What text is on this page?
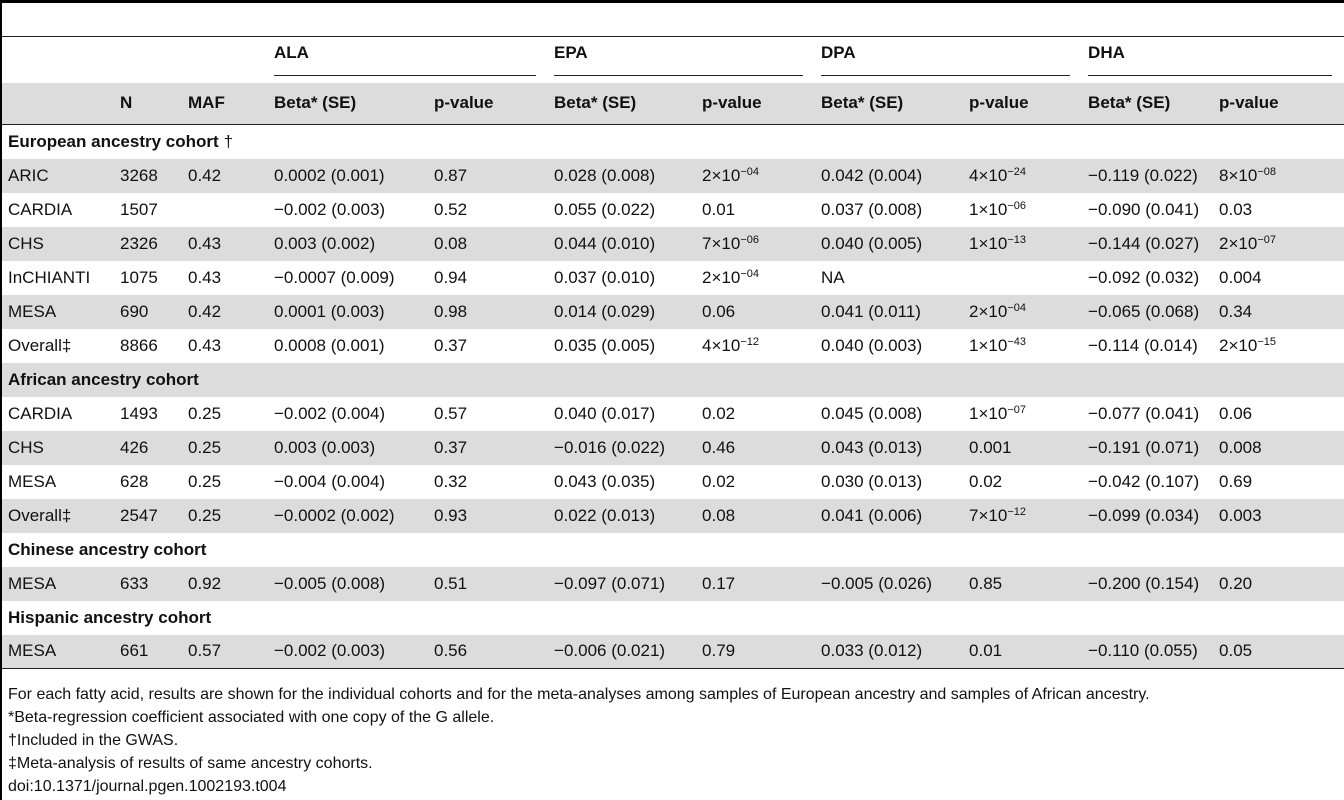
			ALA		EPA		DPA		DHA	

	N	MAF	Beta* (SE)	p-value	Beta* (SE)	p-value	Beta* (SE)	p-value	Beta* (SE)	p-value
European ancestry cohort †										
ARIC	3268	0.42	0.0002 (0.001)	0.87	0.028 (0.008)	$2\times 10^{-04}$	0.042 (0.004)	$4\times 10^{-24}$	−0.119 (0.022)	$8\times 10^{-08}$
CARDIA	1507		−0.002 (0.003)	0.52	0.055 (0.022)	0.01	0.037 (0.008)	$1\times 10^{-06}$	−0.090 (0.041)	0.03
CHS	2326	0.43	0.003 (0.002)	0.08	0.044 (0.010)	$7\times 10^{-06}$	0.040 (0.005)	$1\times 10^{-13}$	−0.144 (0.027)	$2\times 10^{-07}$
InCHIANTI	1075	0.43	−0.0007 (0.009)	0.94	0.037 (0.010)	$2\times 10^{-04}$	NA		−0.092 (0.032)	0.004
MESA	690	0.42	0.0001 (0.003)	0.98	0.014 (0.029)	0.06	0.041 (0.011)	$2\times 10^{-04}$	−0.065 (0.068)	0.34
Overall‡	8866	0.43	0.0008 (0.001)	0.37	0.035 (0.005)	$4\times 10^{-12}$	0.040 (0.003)	$1\times 10^{-43}$	−0.114 (0.014)	$2\times 10^{-15}$
African ancestry cohort										
CARDIA	1493	0.25	−0.002 (0.004)	0.57	0.040 (0.017)	0.02	0.045 (0.008)	$1\times 10^{-07}$	−0.077 (0.041)	0.06
CHS	426	0.25	0.003 (0.003)	0.37	−0.016 (0.022)	0.46	0.043 (0.013)	0.001	−0.191 (0.071)	0.008
MESA	628	0.25	−0.004 (0.004)	0.32	0.043 (0.035)	0.02	0.030 (0.013)	0.02	−0.042 (0.107)	0.69
Overall‡	2547	0.25	−0.0002 (0.002)	0.93	0.022 (0.013)	0.08	0.041 (0.006)	$7\times 10^{-12}$	−0.099 (0.034)	0.003
Chinese ancestry cohort										
MESA	633	0.92	−0.005 (0.008)	0.51	−0.097 (0.071)	0.17	−0.005 (0.026)	0.85	−0.200 (0.154)	0.20
Hispanic ancestry cohort										
MESA	661	0.57	−0.002 (0.003)	0.56	−0.006 (0.021)	0.79	0.033 (0.012)	0.01	−0.110 (0.055)	0.05
For each fatty acid, results are shown for the individual cohorts and for the meta-analyses among samples of European ancestry and samples of African ancestry.
*Beta-regression coefficient associated with one copy of the G allele.
†Included in the GWAS.
‡Meta-analysis of results of same ancestry cohorts.
doi:10.1371/journal.pgen.1002193.t004
